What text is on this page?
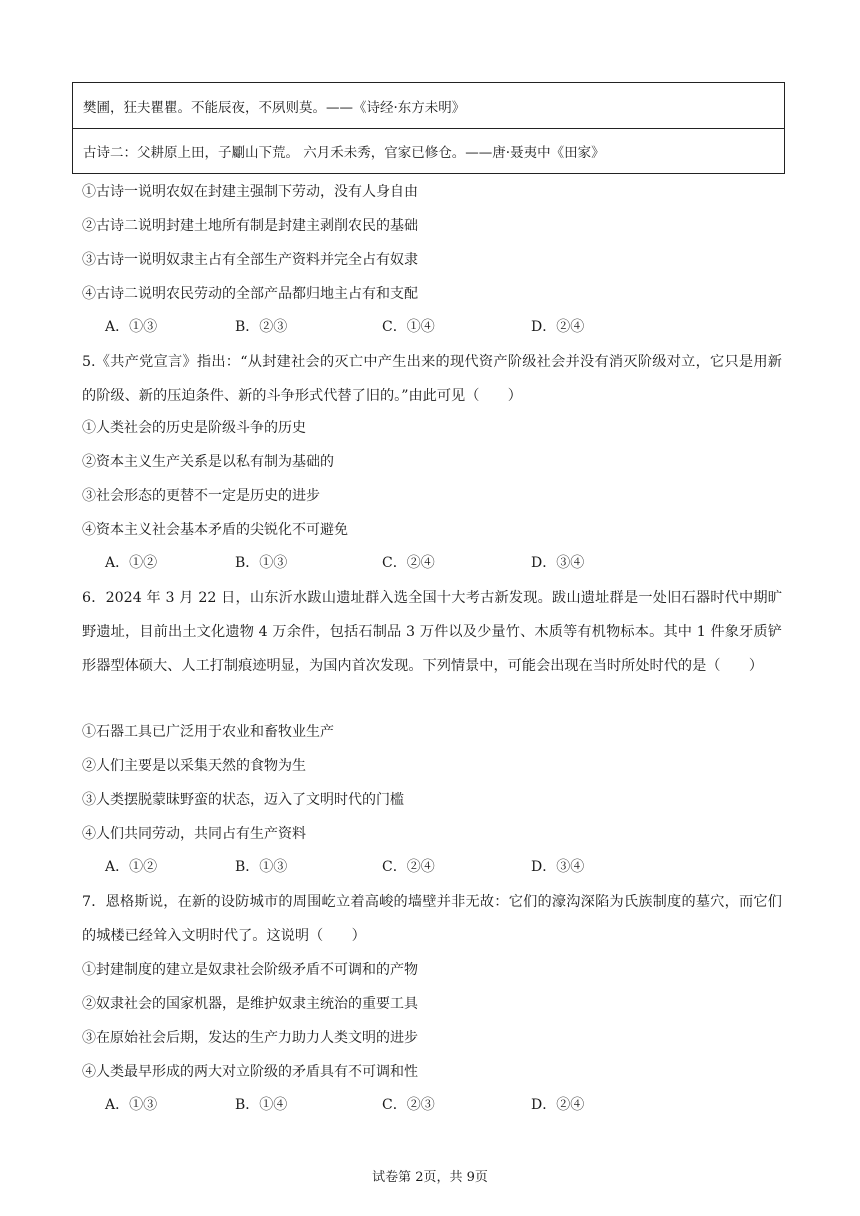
樊圃，狂夫瞿瞿。不能辰夜，不夙则莫。——《诗经·东方未明》
古诗二：父耕原上田，子劚山下荒。 六月禾未秀，官家已修仓。——唐·聂夷中《田家》
①古诗一说明农奴在封建主强制下劳动，没有人身自由
②古诗二说明封建土地所有制是封建主剥削农民的基础
③古诗一说明奴隶主占有全部生产资料并完全占有奴隶
④古诗二说明农民劳动的全部产品都归地主占有和支配
A．①③	B．②③	C．①④	D．②④
5.《共产党宣言》指出：“从封建社会的灭亡中产生出来的现代资产阶级社会并没有消灭阶级对立，它只是用新的阶级、新的压迫条件、新的斗争形式代替了旧的。”由此可见（　　）
①人类社会的历史是阶级斗争的历史
②资本主义生产关系是以私有制为基础的
③社会形态的更替不一定是历史的进步
④资本主义社会基本矛盾的尖锐化不可避免
A．①②	B．①③	C．②④	D．③④
6．2024 年 3 月 22 日，山东沂水跋山遗址群入选全国十大考古新发现。跋山遗址群是一处旧石器时代中期旷野遗址，目前出土文化遗物 4 万余件，包括石制品 3 万件以及少量竹、木质等有机物标本。其中 1 件象牙质铲形器型体硕大、人工打制痕迹明显，为国内首次发现。下列情景中，可能会出现在当时所处时代的是（　　）
①石器工具已广泛用于农业和畜牧业生产
②人们主要是以采集天然的食物为生
③人类摆脱蒙昧野蛮的状态，迈入了文明时代的门槛
④人们共同劳动，共同占有生产资料
A．①②	B．①③	C．②④	D．③④
7．恩格斯说，在新的设防城市的周围屹立着高峻的墙壁并非无故：它们的濠沟深陷为氏族制度的墓穴，而它们的城楼已经耸入文明时代了。这说明（　　）
①封建制度的建立是奴隶社会阶级矛盾不可调和的产物
②奴隶社会的国家机器，是维护奴隶主统治的重要工具
③在原始社会后期，发达的生产力助力人类文明的进步
④人类最早形成的两大对立阶级的矛盾具有不可调和性
A．①③	B．①④	C．②③	D．②④
试卷第 2页，共 9页
